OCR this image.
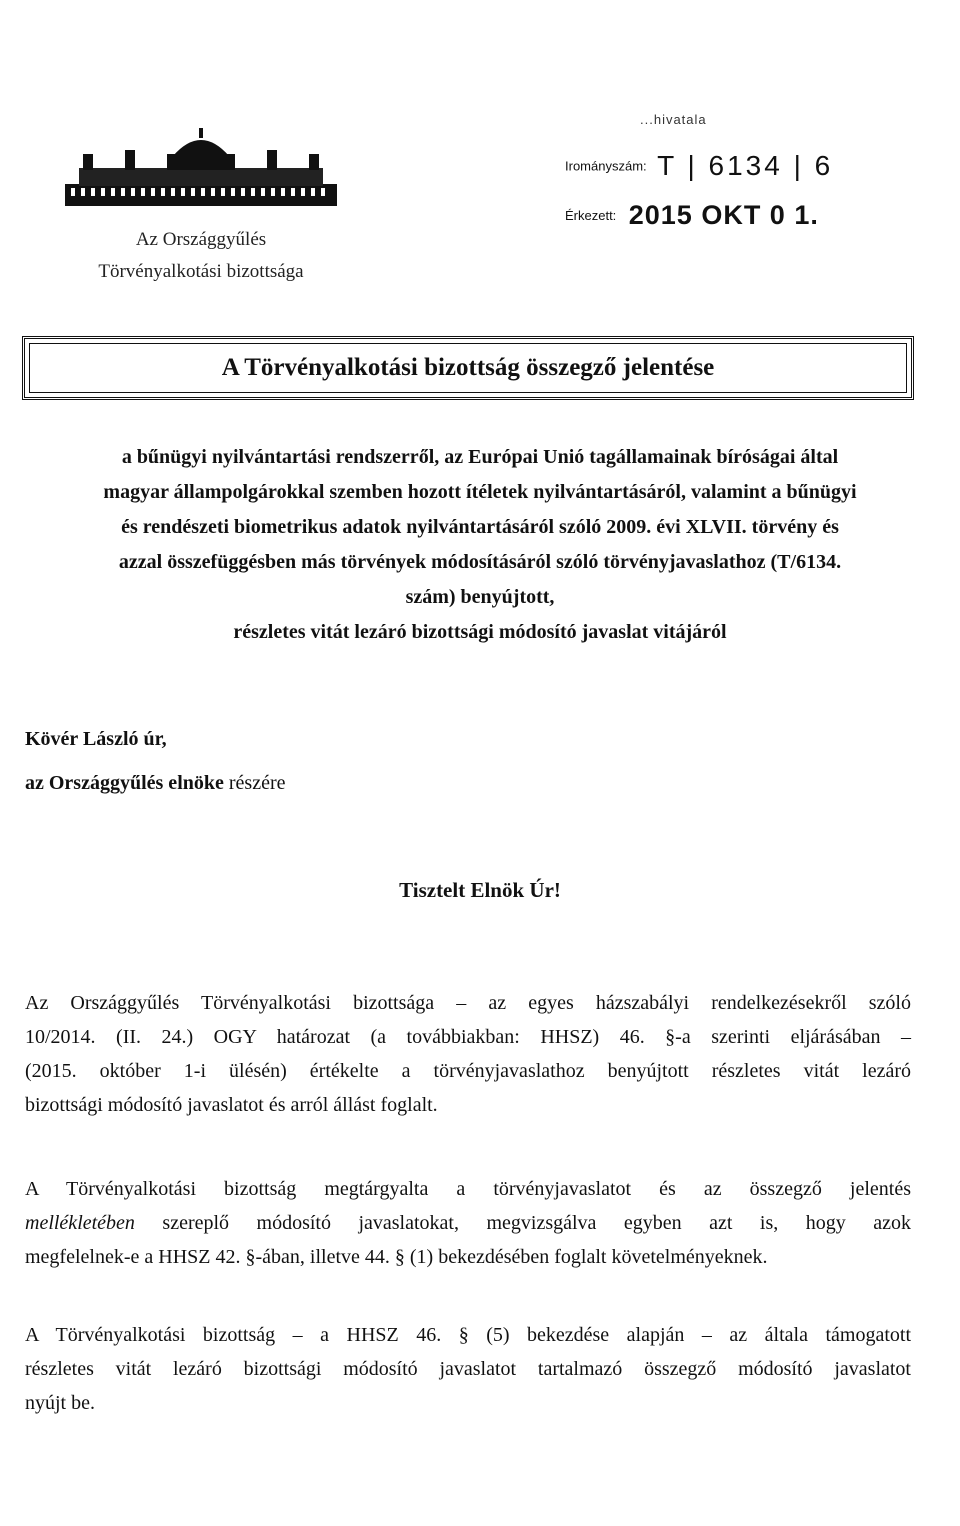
Az Országgyűlés
Törvényalkotási bizottsága
...hivatala
Irományszám: T | 6134 | 6
Érkezett: 2015 OKT 0 1.
A Törvényalkotási bizottság összegző jelentése
a bűnügyi nyilvántartási rendszerről, az Európai Unió tagállamainak bíróságai által
magyar állampolgárokkal szemben hozott ítéletek nyilvántartásáról, valamint a bűnügyi
és rendészeti biometrikus adatok nyilvántartásáról szóló 2009. évi XLVII. törvény és
azzal összefüggésben más törvények módosításáról szóló törvényjavaslathoz (T/6134.
szám) benyújtott,
részletes vitát lezáró bizottsági módosító javaslat vitájáról
Kövér László úr,
az Országgyűlés elnöke részére
Tisztelt Elnök Úr!
Az Országgyűlés Törvényalkotási bizottsága – az egyes házszabályi rendelkezésekről szóló
10/2014. (II. 24.) OGY határozat (a továbbiakban: HHSZ) 46. §-a szerinti eljárásában –
(2015. október 1-i ülésén) értékelte a törvényjavaslathoz benyújtott részletes vitát lezáró
bizottsági módosító javaslatot és arról állást foglalt.
A Törvényalkotási bizottság megtárgyalta a törvényjavaslatot és az összegző jelentés
mellékletében szereplő módosító javaslatokat, megvizsgálva egyben azt is, hogy azok
megfelelnek-e a HHSZ 42. §-ában, illetve 44. § (1) bekezdésében foglalt követelményeknek.
A Törvényalkotási bizottság – a HHSZ 46. § (5) bekezdése alapján – az általa támogatott
részletes vitát lezáró bizottsági módosító javaslatot tartalmazó összegző módosító javaslatot
nyújt be.
